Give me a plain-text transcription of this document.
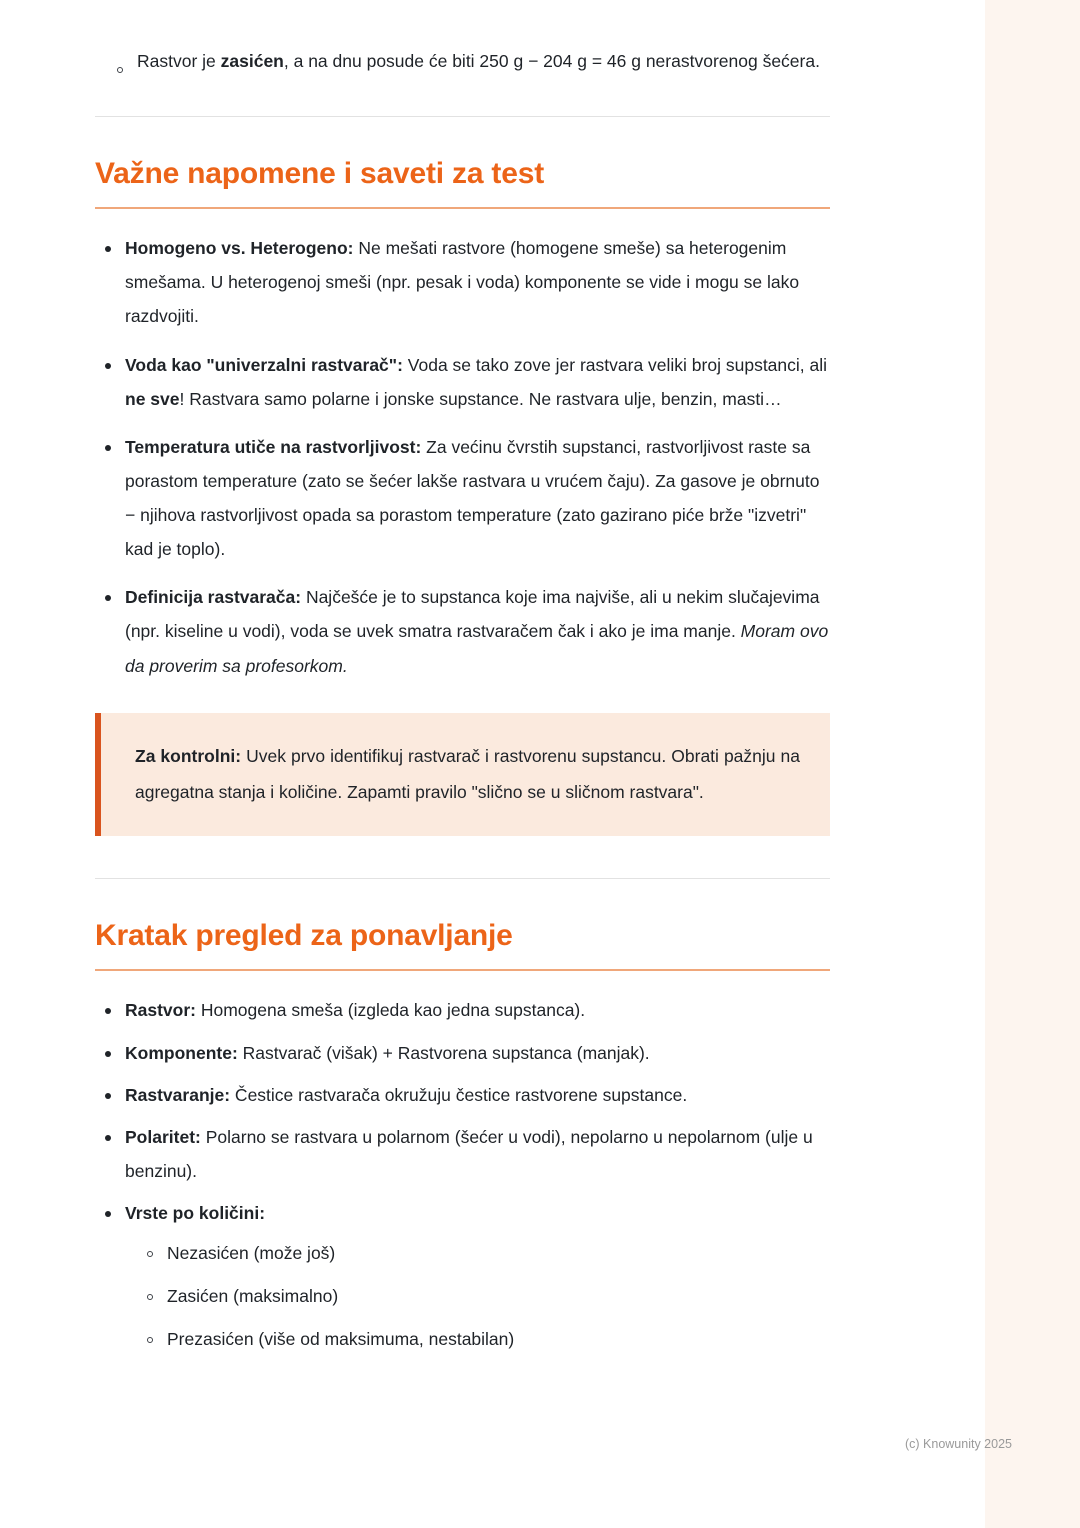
Rastvor je zasićen, a na dnu posude će biti 250 g − 204 g = 46 g nerastvorenog šećera.
Važne napomene i saveti za test
Homogeno vs. Heterogeno: Ne mešati rastvore (homogene smeše) sa heterogenim smešama. U heterogenoj smeši (npr. pesak i voda) komponente se vide i mogu se lako razdvojiti.
Voda kao "univerzalni rastvarač": Voda se tako zove jer rastvara veliki broj supstanci, ali ne sve! Rastvara samo polarne i jonske supstance. Ne rastvara ulje, benzin, masti…
Temperatura utiče na rastvorljivost: Za većinu čvrstih supstanci, rastvorljivost raste sa porastom temperature (zato se šećer lakše rastvara u vrućem čaju). Za gasove je obrnuto − njihova rastvorljivost opada sa porastom temperature (zato gazirano piće brže "izvetri" kad je toplo).
Definicija rastvarača: Najčešće je to supstanca koje ima najviše, ali u nekim slučajevima (npr. kiseline u vodi), voda se uvek smatra rastvaračem čak i ako je ima manje. Moram ovo da proverim sa profesorkom.

Za kontrolni: Uvek prvo identifikuj rastvarač i rastvorenu supstancu. Obrati pažnju na agregatna stanja i količine. Zapamti pravilo "slično se u sličnom rastvara".

Kratak pregled za ponavljanje
Rastvor: Homogena smeša (izgleda kao jedna supstanca).
Komponente: Rastvarač (višak) + Rastvorena supstanca (manjak).
Rastvaranje: Čestice rastvarača okružuju čestice rastvorene supstance.
Polaritet: Polarno se rastvara u polarnom (šećer u vodi), nepolarno u nepolarnom (ulje u benzinu).
Vrste po količini:
Nezasićen (može još)
Zasićen (maksimalno)
Prezasićen (više od maksimuma, nestabilan)
(c) Knowunity 2025
